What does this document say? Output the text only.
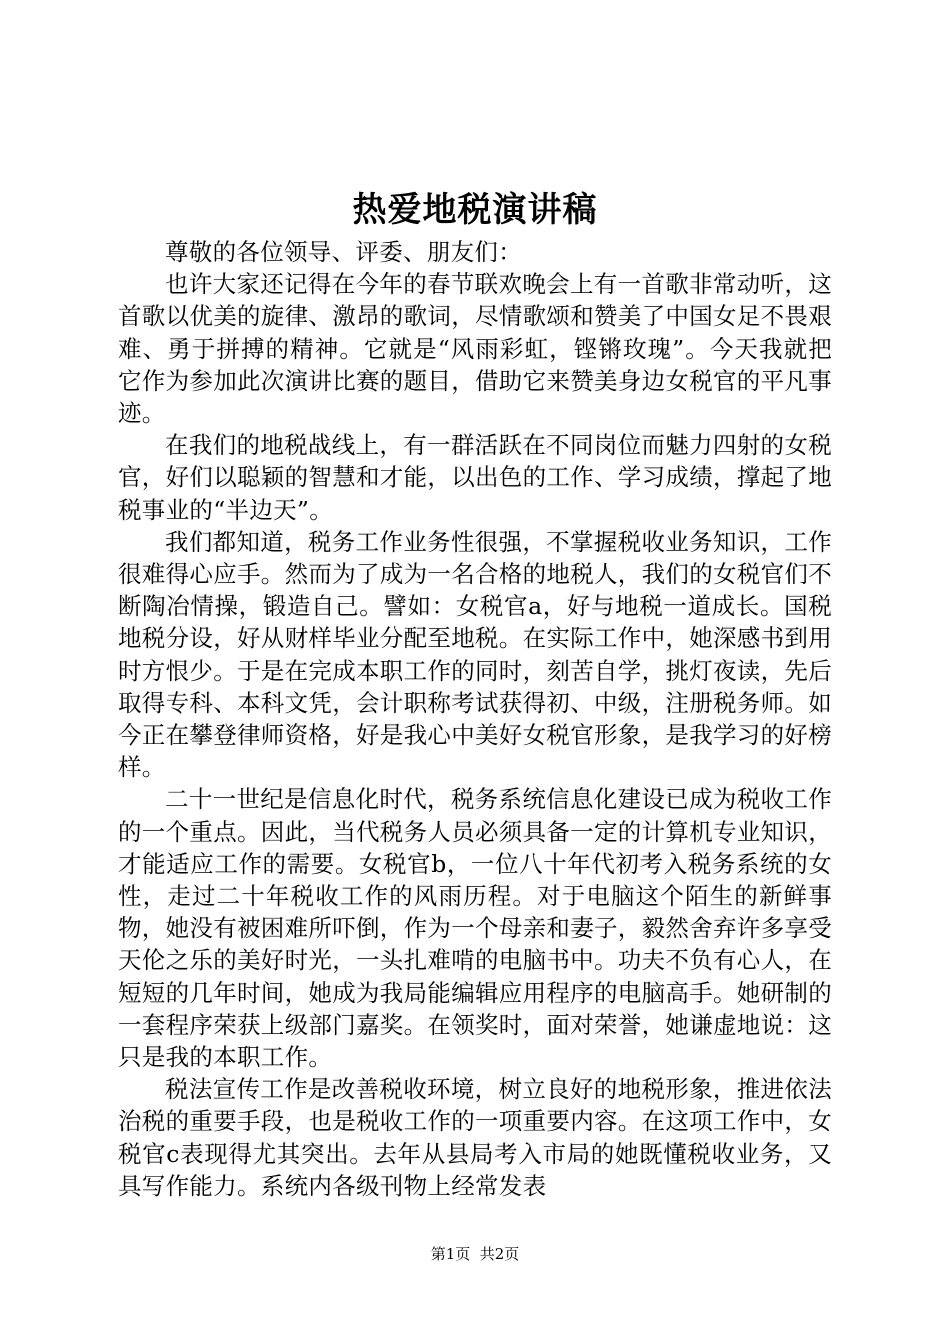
热爱地税演讲稿

尊敬的各位领导、评委、朋友们：

也许大家还记得在今年的春节联欢晚会上有一首歌非常动听，这首歌以优美的旋律、激昂的歌词，尽情歌颂和赞美了中国女足不畏艰难、勇于拼搏的精神。它就是“风雨彩虹，铿锵玫瑰”。今天我就把它作为参加此次演讲比赛的题目，借助它来赞美身边女税官的平凡事迹。

在我们的地税战线上，有一群活跃在不同岗位而魅力四射的女税官，好们以聪颖的智慧和才能，以出色的工作、学习成绩，撑起了地税事业的“半边天”。

我们都知道，税务工作业务性很强，不掌握税收业务知识，工作很难得心应手。然而为了成为一名合格的地税人，我们的女税官们不断陶冶情操，锻造自己。譬如：女税官a，好与地税一道成长。国税地税分设，好从财样毕业分配至地税。在实际工作中，她深感书到用时方恨少。于是在完成本职工作的同时，刻苦自学，挑灯夜读，先后取得专科、本科文凭，会计职称考试获得初、中级，注册税务师。如今正在攀登律师资格，好是我心中美好女税官形象，是我学习的好榜样。

二十一世纪是信息化时代，税务系统信息化建设已成为税收工作的一个重点。因此，当代税务人员必须具备一定的计算机专业知识，才能适应工作的需要。女税官b，一位八十年代初考入税务系统的女性，走过二十年税收工作的风雨历程。对于电脑这个陌生的新鲜事物，她没有被困难所吓倒，作为一个母亲和妻子，毅然舍弃许多享受天伦之乐的美好时光，一头扎难啃的电脑书中。功夫不负有心人，在短短的几年时间，她成为我局能编辑应用程序的电脑高手。她研制的一套程序荣获上级部门嘉奖。在领奖时，面对荣誉，她谦虚地说：这只是我的本职工作。

税法宣传工作是改善税收环境，树立良好的地税形象，推进依法治税的重要手段，也是税收工作的一项重要内容。在这项工作中，女税官c表现得尤其突出。去年从县局考入市局的她既懂税收业务，又具写作能力。系统内各级刊物上经常发表

第1页  共2页
